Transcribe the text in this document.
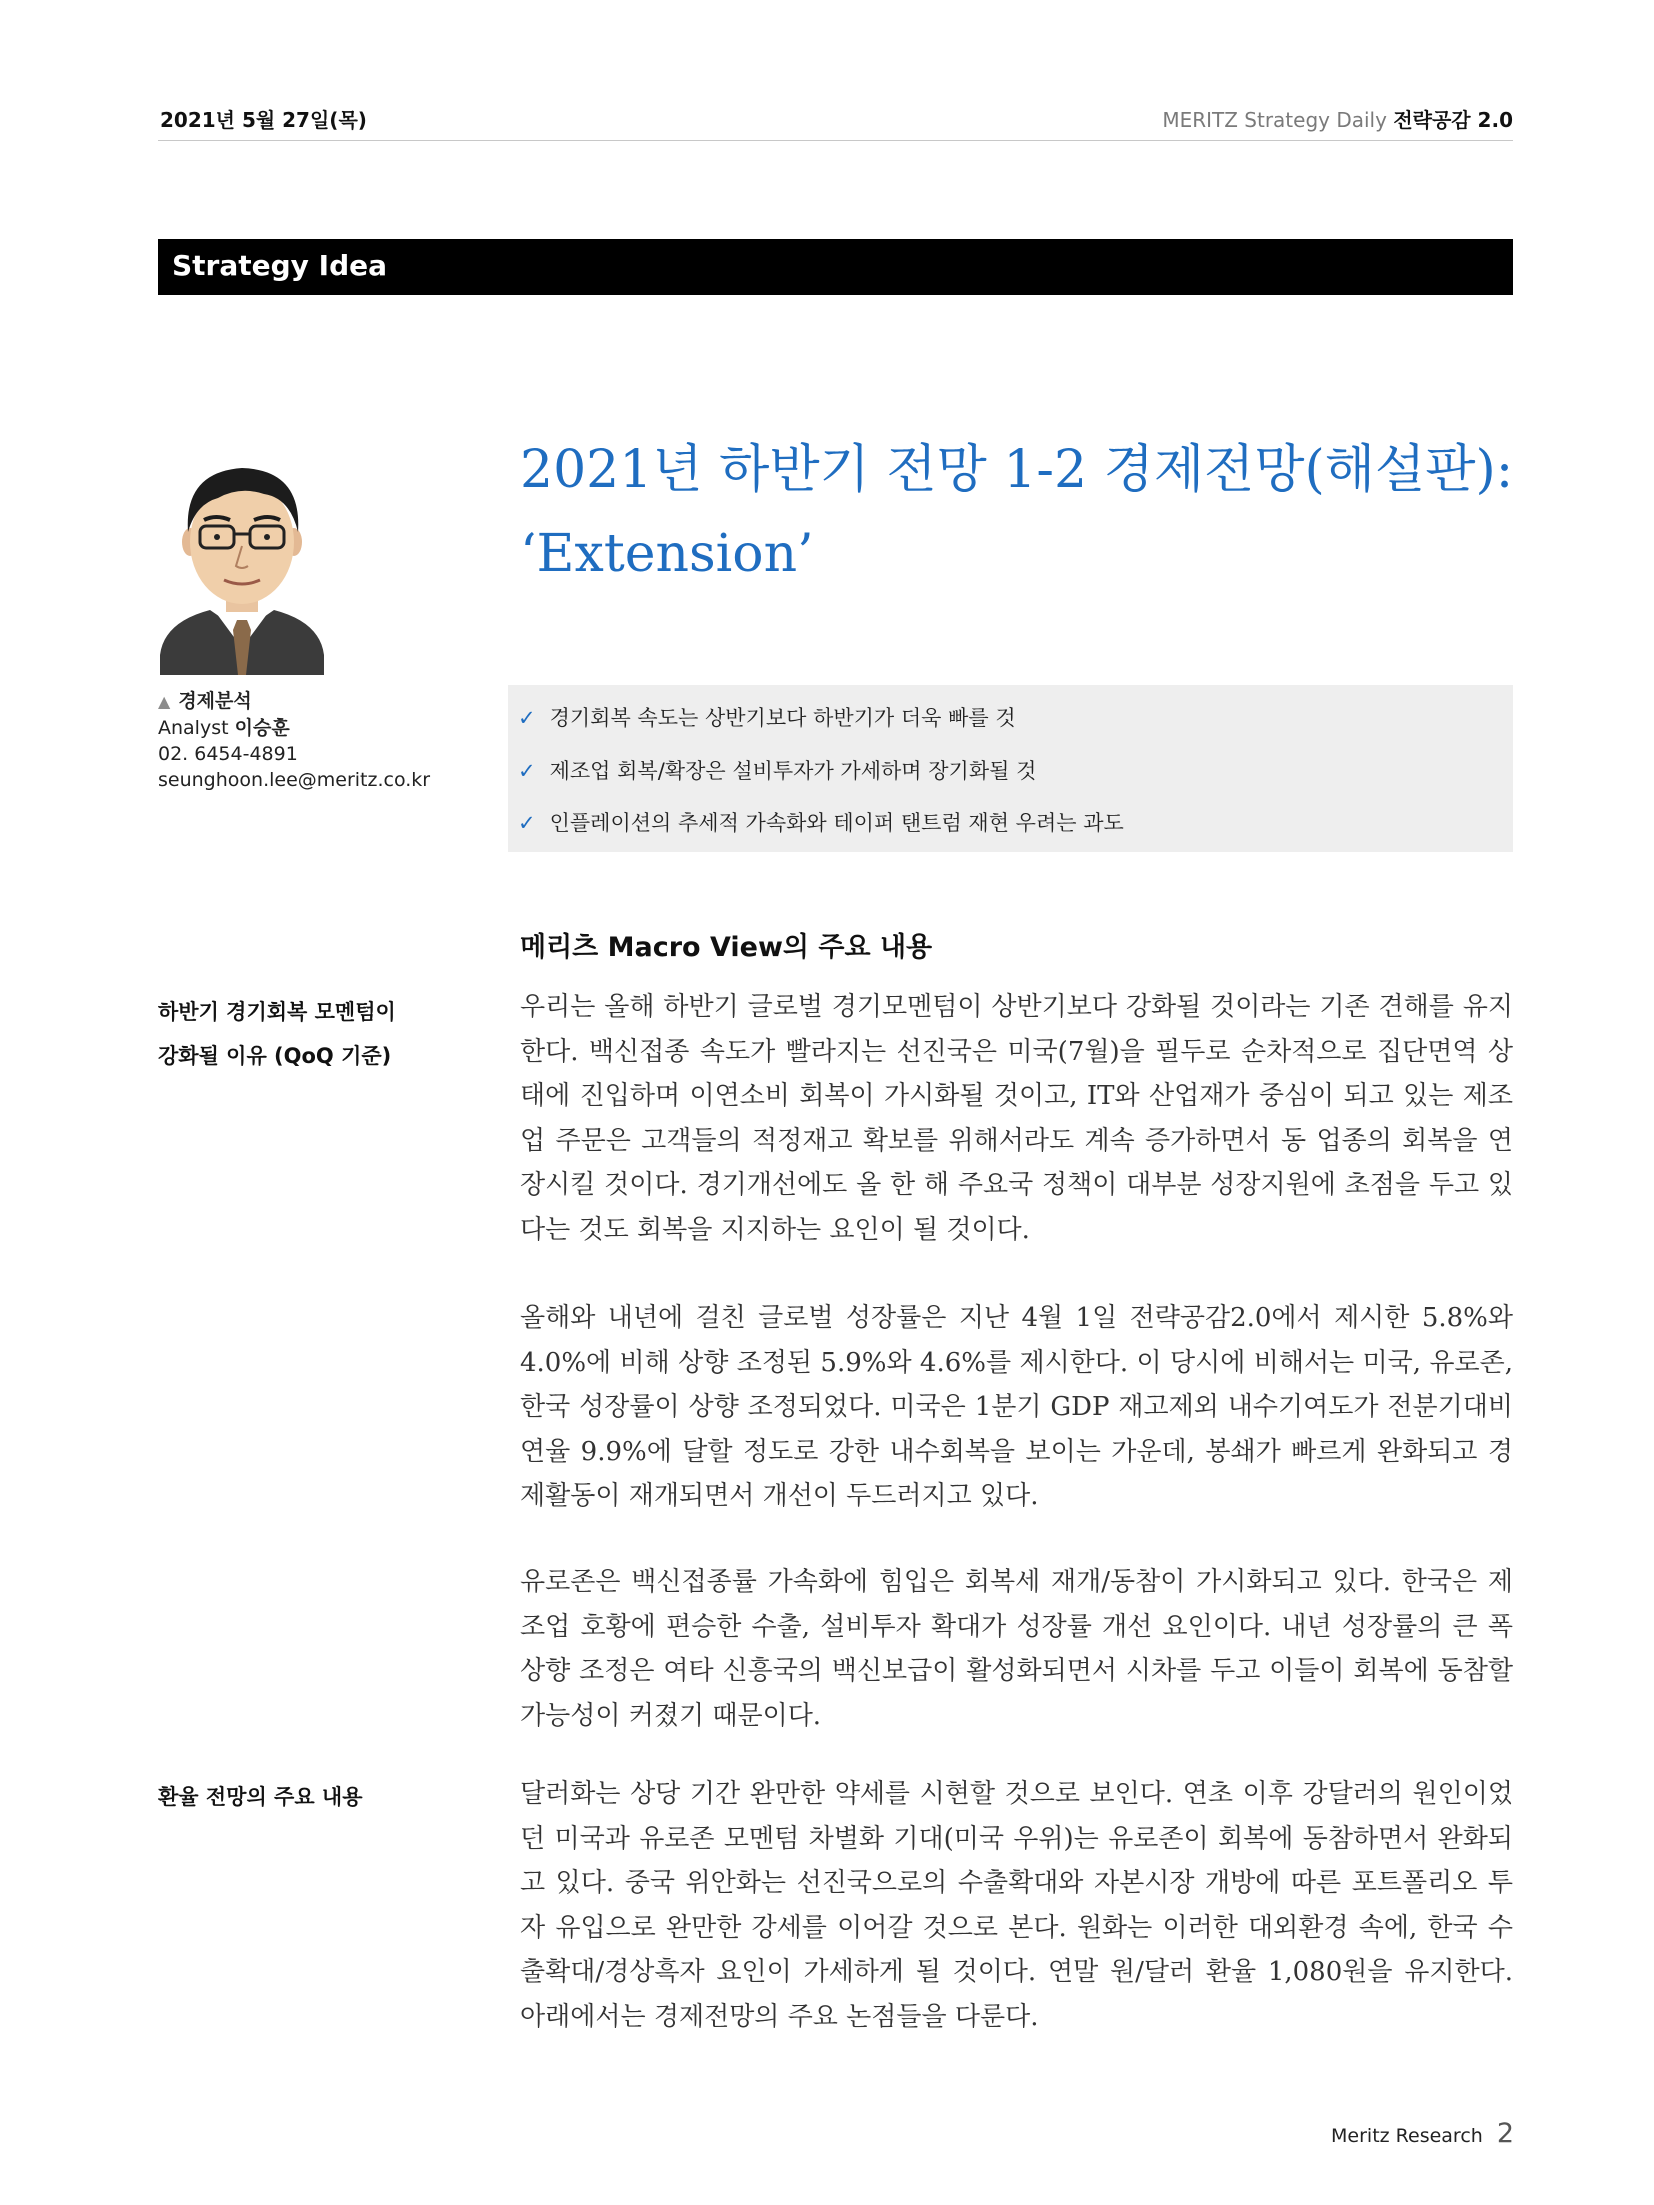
2021년 5월 27일(목)	MERITZ Strategy Daily 전략공감 2.0
Strategy Idea
2021년 하반기 전망 1-2 경제전망(해설판):
‘Extension’
▲ 경제분석
Analyst 이승훈
02. 6454-4891
seunghoon.lee@meritz.co.kr
✓ 경기회복 속도는 상반기보다 하반기가 더욱 빠를 것
✓ 제조업 회복/확장은 설비투자가 가세하며 장기화될 것
✓ 인플레이션의 추세적 가속화와 테이퍼 탠트럼 재현 우려는 과도
메리츠 Macro View의 주요 내용
하반기 경기회복 모멘텀이
강화될 이유 (QoQ 기준)
우리는 올해 하반기 글로벌 경기모멘텀이 상반기보다 강화될 것이라는 기존 견해를 유지한다. 백신접종 속도가 빨라지는 선진국은 미국(7월)을 필두로 순차적으로 집단면역 상태에 진입하며 이연소비 회복이 가시화될 것이고, IT와 산업재가 중심이 되고 있는 제조업 주문은 고객들의 적정재고 확보를 위해서라도 계속 증가하면서 동 업종의 회복을 연장시킬 것이다. 경기개선에도 올 한 해 주요국 정책이 대부분 성장지원에 초점을 두고 있다는 것도 회복을 지지하는 요인이 될 것이다.
올해와 내년에 걸친 글로벌 성장률은 지난 4월 1일 전략공감2.0에서 제시한 5.8%와 4.0%에 비해 상향 조정된 5.9%와 4.6%를 제시한다. 이 당시에 비해서는 미국, 유로존, 한국 성장률이 상향 조정되었다. 미국은 1분기 GDP 재고제외 내수기여도가 전분기대비 연율 9.9%에 달할 정도로 강한 내수회복을 보이는 가운데, 봉쇄가 빠르게 완화되고 경제활동이 재개되면서 개선이 두드러지고 있다.
유로존은 백신접종률 가속화에 힘입은 회복세 재개/동참이 가시화되고 있다. 한국은 제조업 호황에 편승한 수출, 설비투자 확대가 성장률 개선 요인이다. 내년 성장률의 큰 폭 상향 조정은 여타 신흥국의 백신보급이 활성화되면서 시차를 두고 이들이 회복에 동참할 가능성이 커졌기 때문이다.
환율 전망의 주요 내용	달러화는 상당 기간 완만한 약세를 시현할 것으로 보인다. 연초 이후 강달러의 원인이었던 미국과 유로존 모멘텀 차별화 기대(미국 우위)는 유로존이 회복에 동참하면서 완화되고 있다. 중국 위안화는 선진국으로의 수출확대와 자본시장 개방에 따른 포트폴리오 투자 유입으로 완만한 강세를 이어갈 것으로 본다. 원화는 이러한 대외환경 속에, 한국 수출확대/경상흑자 요인이 가세하게 될 것이다. 연말 원/달러 환율 1,080원을 유지한다. 아래에서는 경제전망의 주요 논점들을 다룬다.
Meritz Research 2
